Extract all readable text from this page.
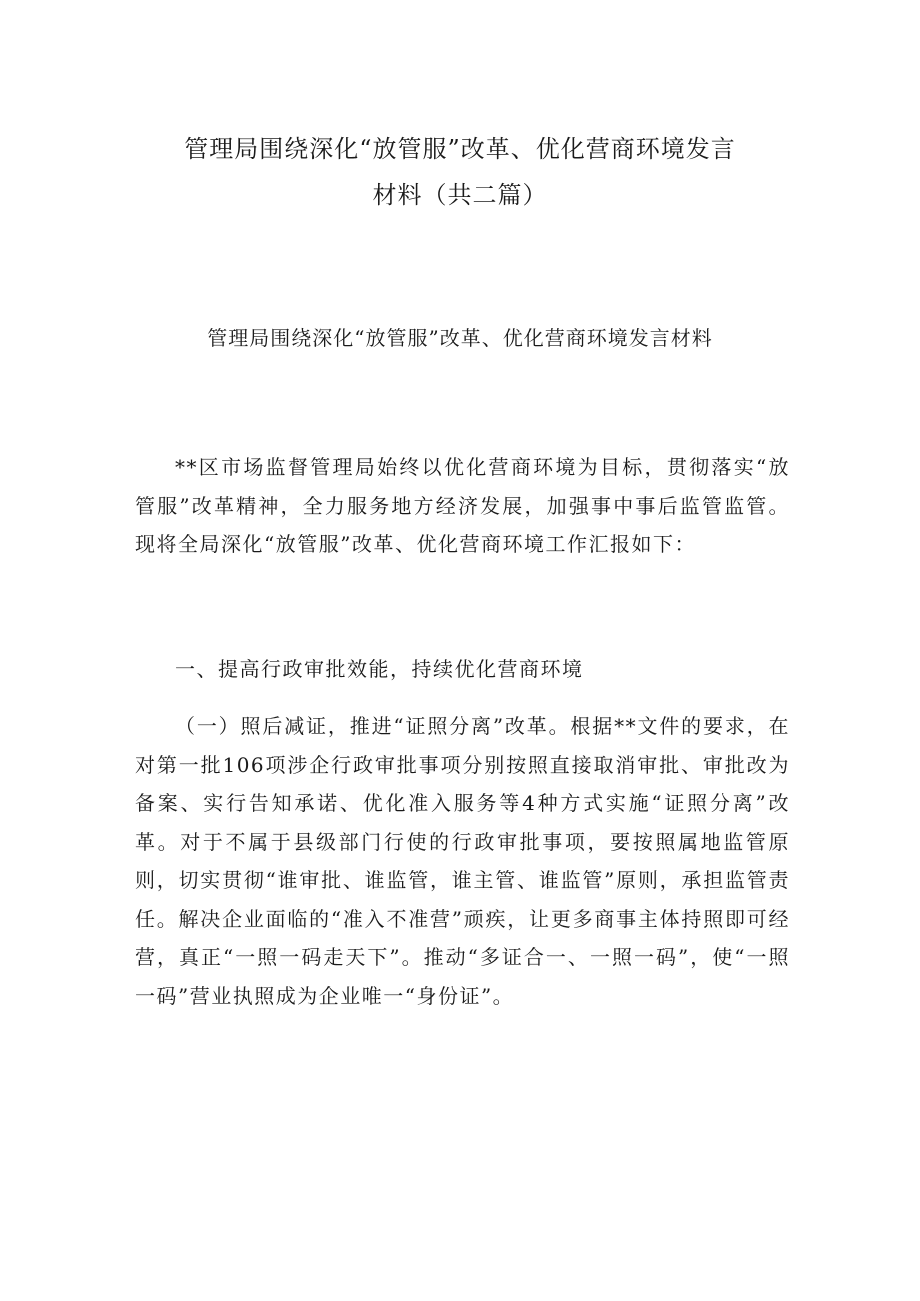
管理局围绕深化“放管服”改革、优化营商环境发言
材料（共二篇）
管理局围绕深化“放管服”改革、优化营商环境发言材料

**区市场监督管理局始终以优化营商环境为目标，贯彻落实“放管服”改革精神，全力服务地方经济发展，加强事中事后监管监管。现将全局深化“放管服”改革、优化营商环境工作汇报如下：

一、提高行政审批效能，持续优化营商环境

（一）照后减证，推进“证照分离”改革。根据**文件的要求，在对第一批106项涉企行政审批事项分别按照直接取消审批、审批改为备案、实行告知承诺、优化准入服务等4种方式实施“证照分离”改革。对于不属于县级部门行使的行政审批事项，要按照属地监管原则，切实贯彻“谁审批、谁监管，谁主管、谁监管”原则，承担监管责任。解决企业面临的“准入不准营”顽疾，让更多商事主体持照即可经营，真正“一照一码走天下”。推动“多证合一、一照一码”，使“一照一码”营业执照成为企业唯一“身份证”。
